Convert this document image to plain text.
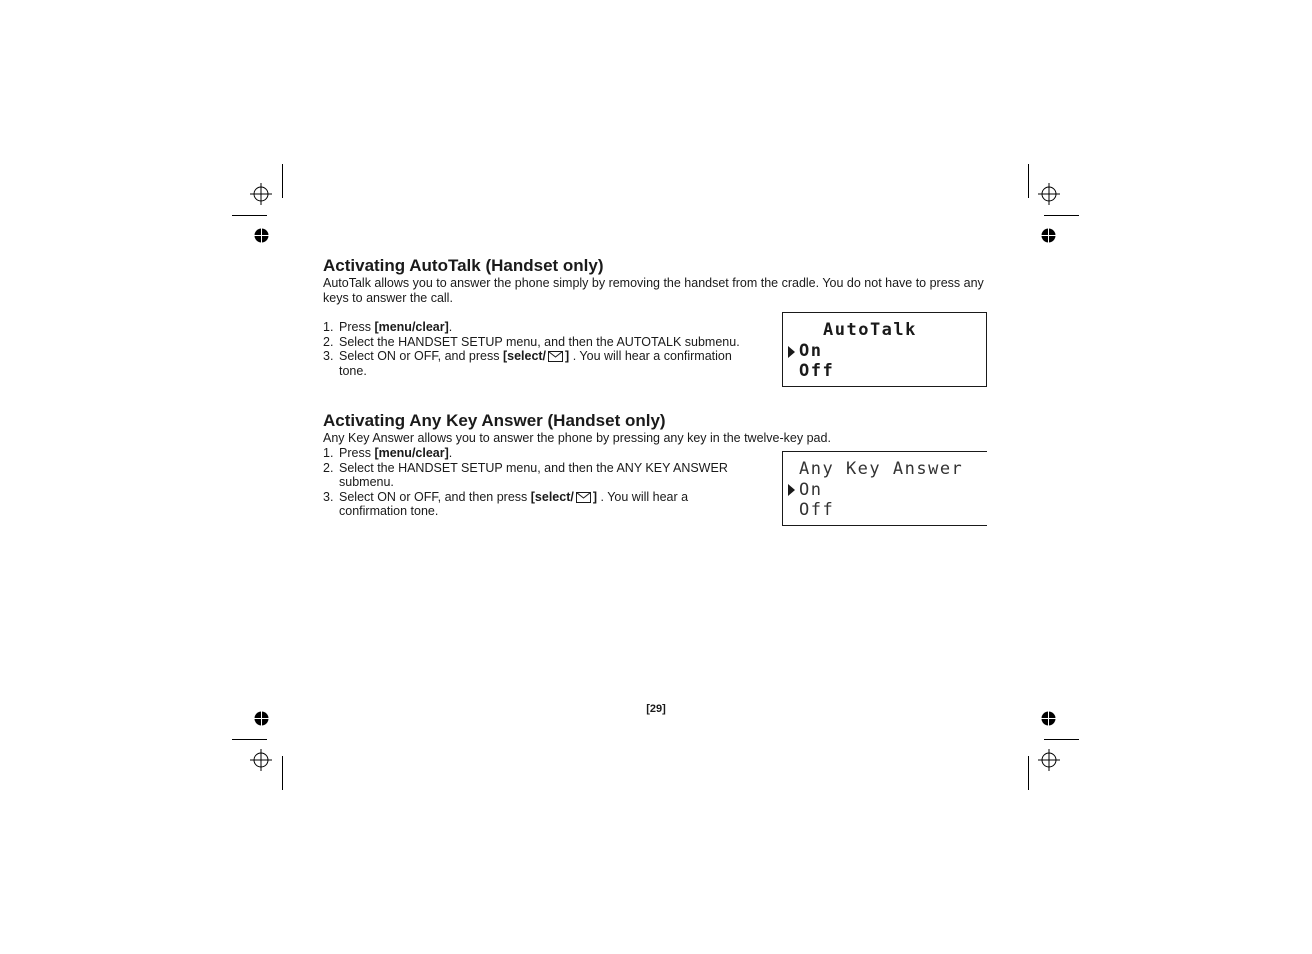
Activating AutoTalk (Handset only)
AutoTalk allows you to answer the phone simply by removing the handset from the cradle. You do not have to press any keys to answer the call.
1. Press [menu/clear].
2. Select the HANDSET SETUP menu, and then the AUTOTALK submenu.
3. Select ON or OFF, and press [select/ ] . You will hear a confirmation tone.
AutoTalk
On
Off
Activating Any Key Answer (Handset only)
Any Key Answer allows you to answer the phone by pressing any key in the twelve-key pad.
1. Press [menu/clear].
2. Select the HANDSET SETUP menu, and then the ANY KEY ANSWER submenu.
3. Select ON or OFF, and then press [select/ ] . You will hear a confirmation tone.
Any Key Answer
On
Off
[29]
